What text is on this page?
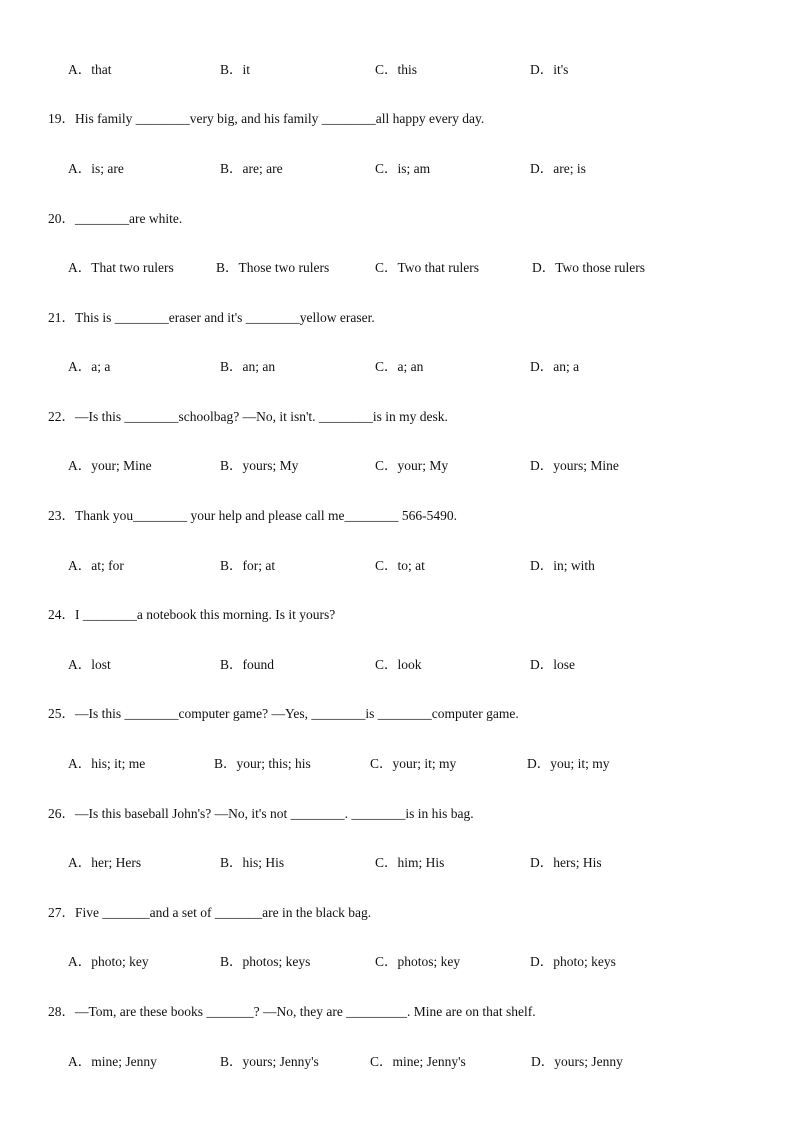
A．that	B．it	C．this	D．it's
19．His family ________very big, and his family ________all happy every day.
A．is; are	B．are; are	C．is; am	D．are; is
20．________are white.
A．That two rulers	B．Those two rulers	C．Two that rulers	D．Two those rulers
21．This is ________eraser and it's ________yellow eraser.
A．a; a	B．an; an	C．a; an	D．an; a
22．—Is this ________schoolbag? —No, it isn't. ________is in my desk.
A．your; Mine	B．yours; My	C．your; My	D．yours; Mine
23．Thank you________ your help and please call me________ 566-5490.
A．at; for	B．for; at	C．to; at	D．in; with
24．I ________a notebook this morning. Is it yours?
A．lost	B．found	C．look	D．lose
25．—Is this ________computer game? —Yes, ________is ________computer game.
A．his; it; me	B．your; this; his	C．your; it; my	D．you; it; my
26．—Is this baseball John's? —No, it's not ________. ________is in his bag.
A．her; Hers	B．his; His	C．him; His	D．hers; His
27．Five _______and a set of _______are in the black bag.
A．photo; key	B．photos; keys	C．photos; key	D．photo; keys
28．—Tom, are these books _______? —No, they are _________. Mine are on that shelf.
A．mine; Jenny	B．yours; Jenny's	C．mine; Jenny's	D．yours; Jenny
